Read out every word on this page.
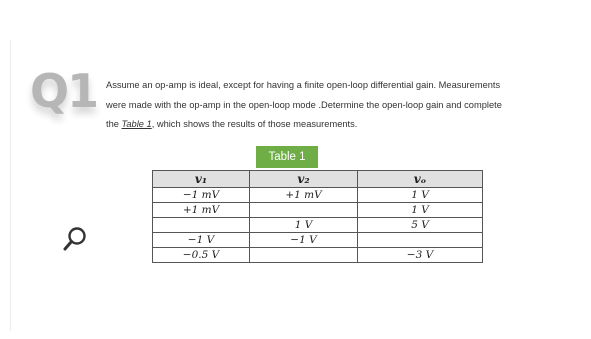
Q1 Assume an op-amp is ideal, except for having a finite open-loop differential gain. Measurements
were made with the op-amp in the open-loop mode .Determine the open-loop gain and complete
the Table 1, which shows the results of those measurements.
Table 1
v₁	v₂	vₒ
−1 mV	+1 mV	1 V
+1 mV		1 V
	1 V	5 V
−1 V	−1 V	
−0.5 V		−3 V
